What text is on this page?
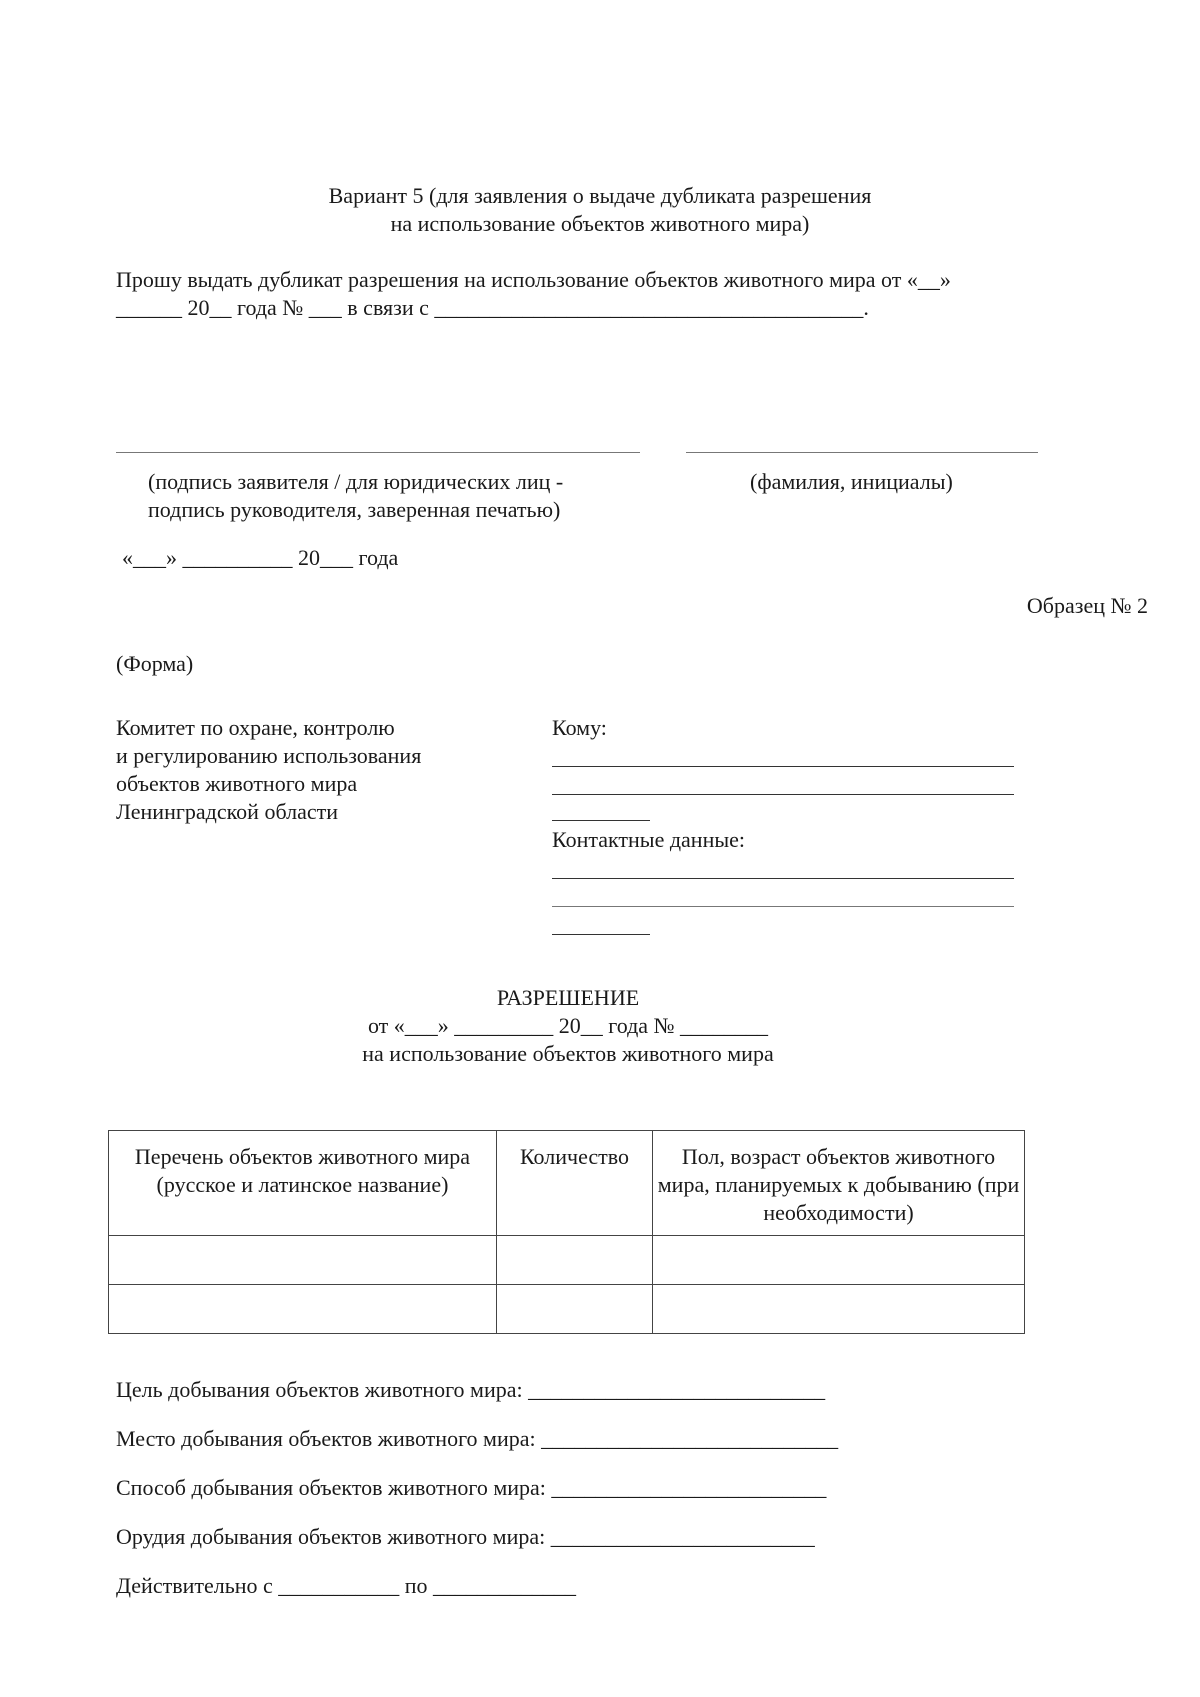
Вариант 5 (для заявления о выдаче дубликата разрешения
на использование объектов животного мира)
Прошу выдать дубликат разрешения на использование объектов животного мира от «__»
______ 20__ года № ___ в связи с _______________________________________.
(подпись заявителя / для юридических лиц -
подпись руководителя, заверенная печатью)
(фамилия, инициалы)
«___» __________ 20___ года
Образец № 2
(Форма)
Комитет по охране, контролю
и регулированию использования
объектов животного мира
Ленинградской области
Кому:
Контактные данные:
РАЗРЕШЕНИЕ
от «___» _________ 20__ года № ________
на использование объектов животного мира
Перечень объектов животного мира (русское и латинское название)	Количество	Пол, возраст объектов животного мира, планируемых к добыванию (при необходимости)

Цель добывания объектов животного мира: ___________________________
Место добывания объектов животного мира: ___________________________
Способ добывания объектов животного мира: _________________________
Орудия добывания объектов животного мира: ________________________
Действительно с ___________ по _____________
